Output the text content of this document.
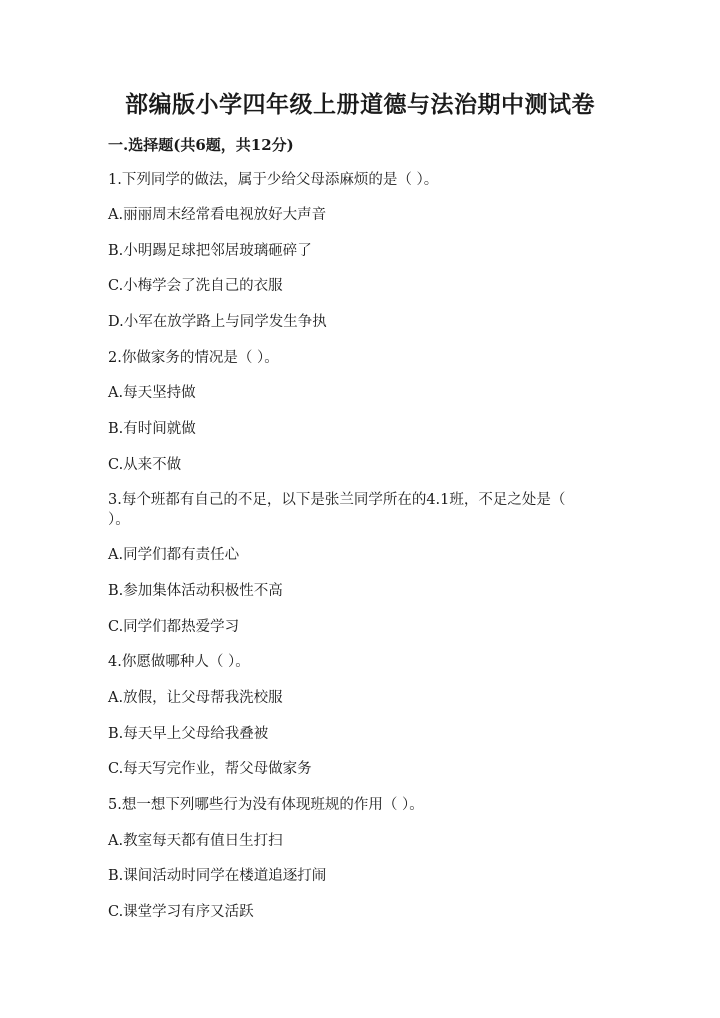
部编版小学四年级上册道德与法治期中测试卷
一.选择题(共6题，共12分)
1.下列同学的做法，属于少给父母添麻烦的是（ ）。
A.丽丽周末经常看电视放好大声音
B.小明踢足球把邻居玻璃砸碎了
C.小梅学会了洗自己的衣服
D.小军在放学路上与同学发生争执
2.你做家务的情况是（ ）。
A.每天坚持做
B.有时间就做
C.从来不做
3.每个班都有自己的不足，以下是张兰同学所在的4.1班，不足之处是（ ）。
A.同学们都有责任心
B.参加集体活动积极性不高
C.同学们都热爱学习
4.你愿做哪种人（ ）。
A.放假，让父母帮我洗校服
B.每天早上父母给我叠被
C.每天写完作业，帮父母做家务
5.想一想下列哪些行为没有体现班规的作用（ ）。
A.教室每天都有值日生打扫
B.课间活动时同学在楼道追逐打闹
C.课堂学习有序又活跃
